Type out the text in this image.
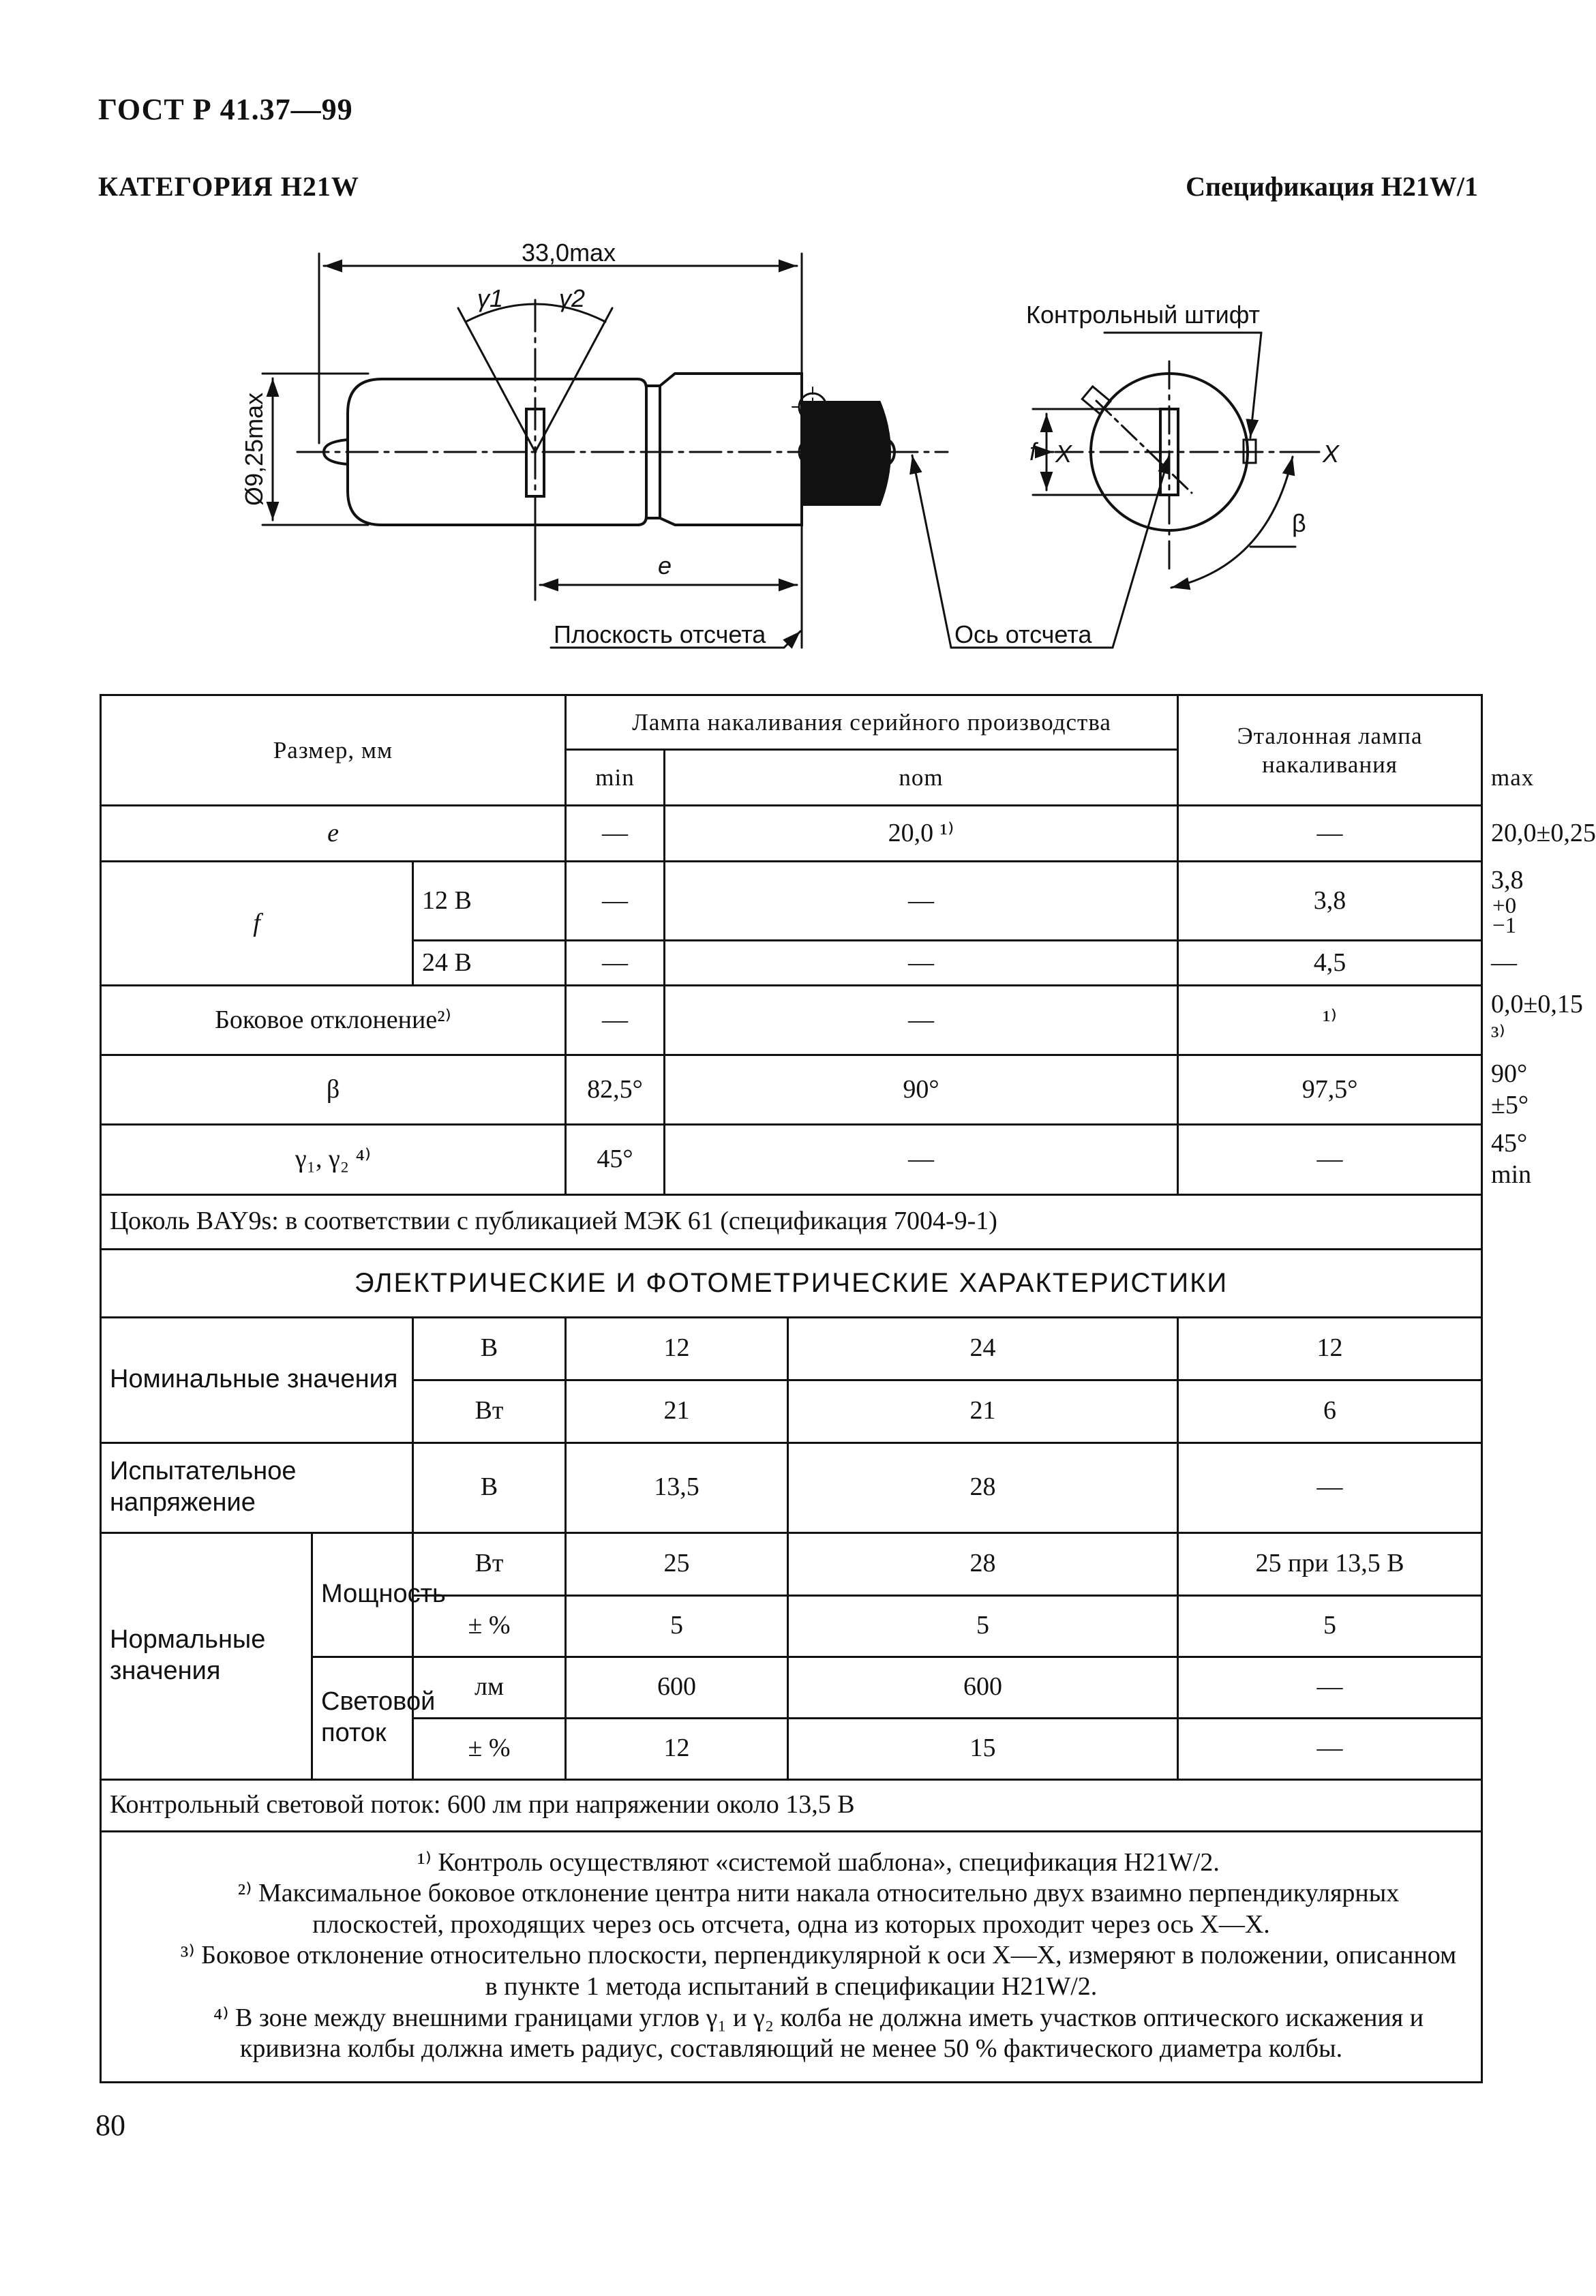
ГОСТ Р 41.37—99
КАТЕГОРИЯ H21W	Спецификация H21W/1
33,0max
Ø9,25max
γ1 γ2
e
f X	X
β
Контрольный штифт
Плоскость отсчета	Ось отсчета
Размер, мм			Лампа накаливания серийного производства			Эталонная лампа накаливания	
			min	nom			max
e			—	20,0 ¹⁾		—	20,0±0,25
f		12 В	—	—		3,8	3,8+0
−1
		24 В	—	—		4,5	—
Боковое отклонение²⁾			—	—		¹⁾	0,0±0,15 ³⁾
β			82,5°	90°		97,5°	90° ±5°
γ₁, γ₂ ⁴⁾			45°	—		—	45° min
Цоколь BAY9s: в соответствии с публикацией МЭК 61 (спецификация 7004-9-1)							
ЭЛЕКТРИЧЕСКИЕ И ФОТОМЕТРИЧЕСКИЕ ХАРАКТЕРИСТИКИ							
Номинальные значения		В	12		24	12	
		Вт	21		21	6	
Испытательное напряжение		В	13,5		28	—	
Нормальные значения	Мощность	Вт	25		28	25 при 13,5 В	
		± %	5		5	5	
	Световой поток	лм	600		600	—	
		± %	12		15	—	
Контрольный световой поток: 600 лм при напряжении около 13,5 В							

¹⁾ Контроль осуществляют «системой шаблона», спецификация H21W/2.

²⁾ Максимальное боковое отклонение центра нити накала относительно двух взаимно перпендикулярных плоскостей, проходящих через ось отсчета, одна из которых проходит через ось X—X.

³⁾ Боковое отклонение относительно плоскости, перпендикулярной к оси X—X, измеряют в положении, описанном в пункте 1 метода испытаний в спецификации H21W/2.

⁴⁾ В зоне между внешними границами углов γ₁ и γ₂ колба не должна иметь участков оптического искажения и кривизна колбы должна иметь радиус, составляющий не менее 50 % фактического диаметра колбы.							

80
